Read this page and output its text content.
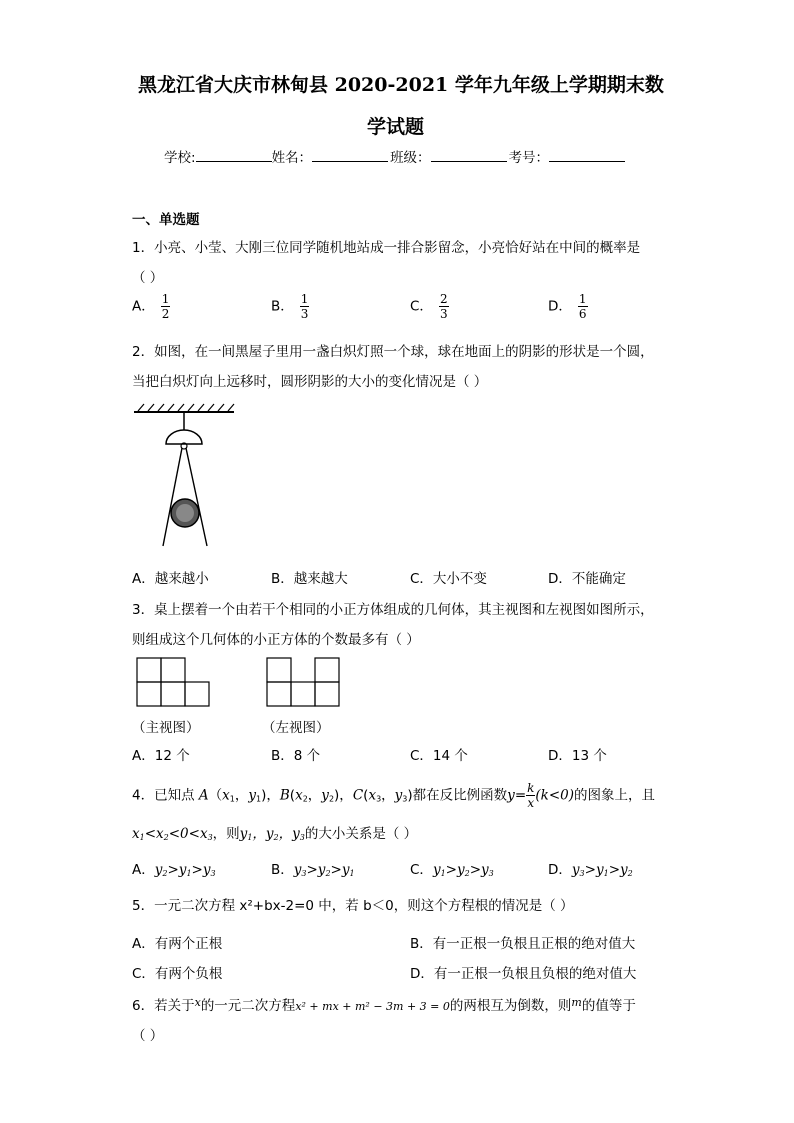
黑龙江省大庆市林甸县 2020-2021 学年九年级上学期期末数
学试题
学校:	姓名：	班级：	考号：
一、单选题
1．小亮、小莹、大刚三位同学随机地站成一排合影留念，小亮恰好站在中间的概率是
（ ）
A． $\frac{1}{2}$	B． $\frac{1}{3}$	C． $\frac{2}{3}$	D． $\frac{1}{6}$
2．如图，在一间黑屋子里用一盏白炽灯照一个球，球在地面上的阴影的形状是一个圆，
当把白炽灯向上远移时，圆形阴影的大小的变化情况是（ ）
A．越来越小	B．越来越大	C．大小不变	D．不能确定
3．桌上摆着一个由若干个相同的小正方体组成的几何体，其主视图和左视图如图所示，
则组成这个几何体的小正方体的个数最多有（ ）
（主视图）	（左视图）
A．12 个	B．8 个	C．14 个	D．13 个
4．已知点 $A(x_1$，$y_1$)，$B(x_2$，$y_2$)，$C(x_3$，$y_3$)都在反比例函数$y= \frac{k}{x} (k<0)$的图象上，且
$x_1<x_2<0<x_3$，则$y_1$，$y_2$，$y_3$的大小关系是（ ）
A．$y_2>y_1>y_3$	B．$y_3>y_2>y_1$	C．$y_1>y_2>y_3$	D．$y_3>y_1>y_2$
5．一元二次方程 x²+bx-2=0 中，若 b＜0，则这个方程根的情况是（ ）
A．有两个正根	B．有一正根一负根且正根的绝对值大
C．有两个负根	D．有一正根一负根且负根的绝对值大
6．若关于$^x$的一元二次方程x² + mx + m² − 3m + 3 = 0的两根互为倒数，则$^m$的值等于
（ ）
